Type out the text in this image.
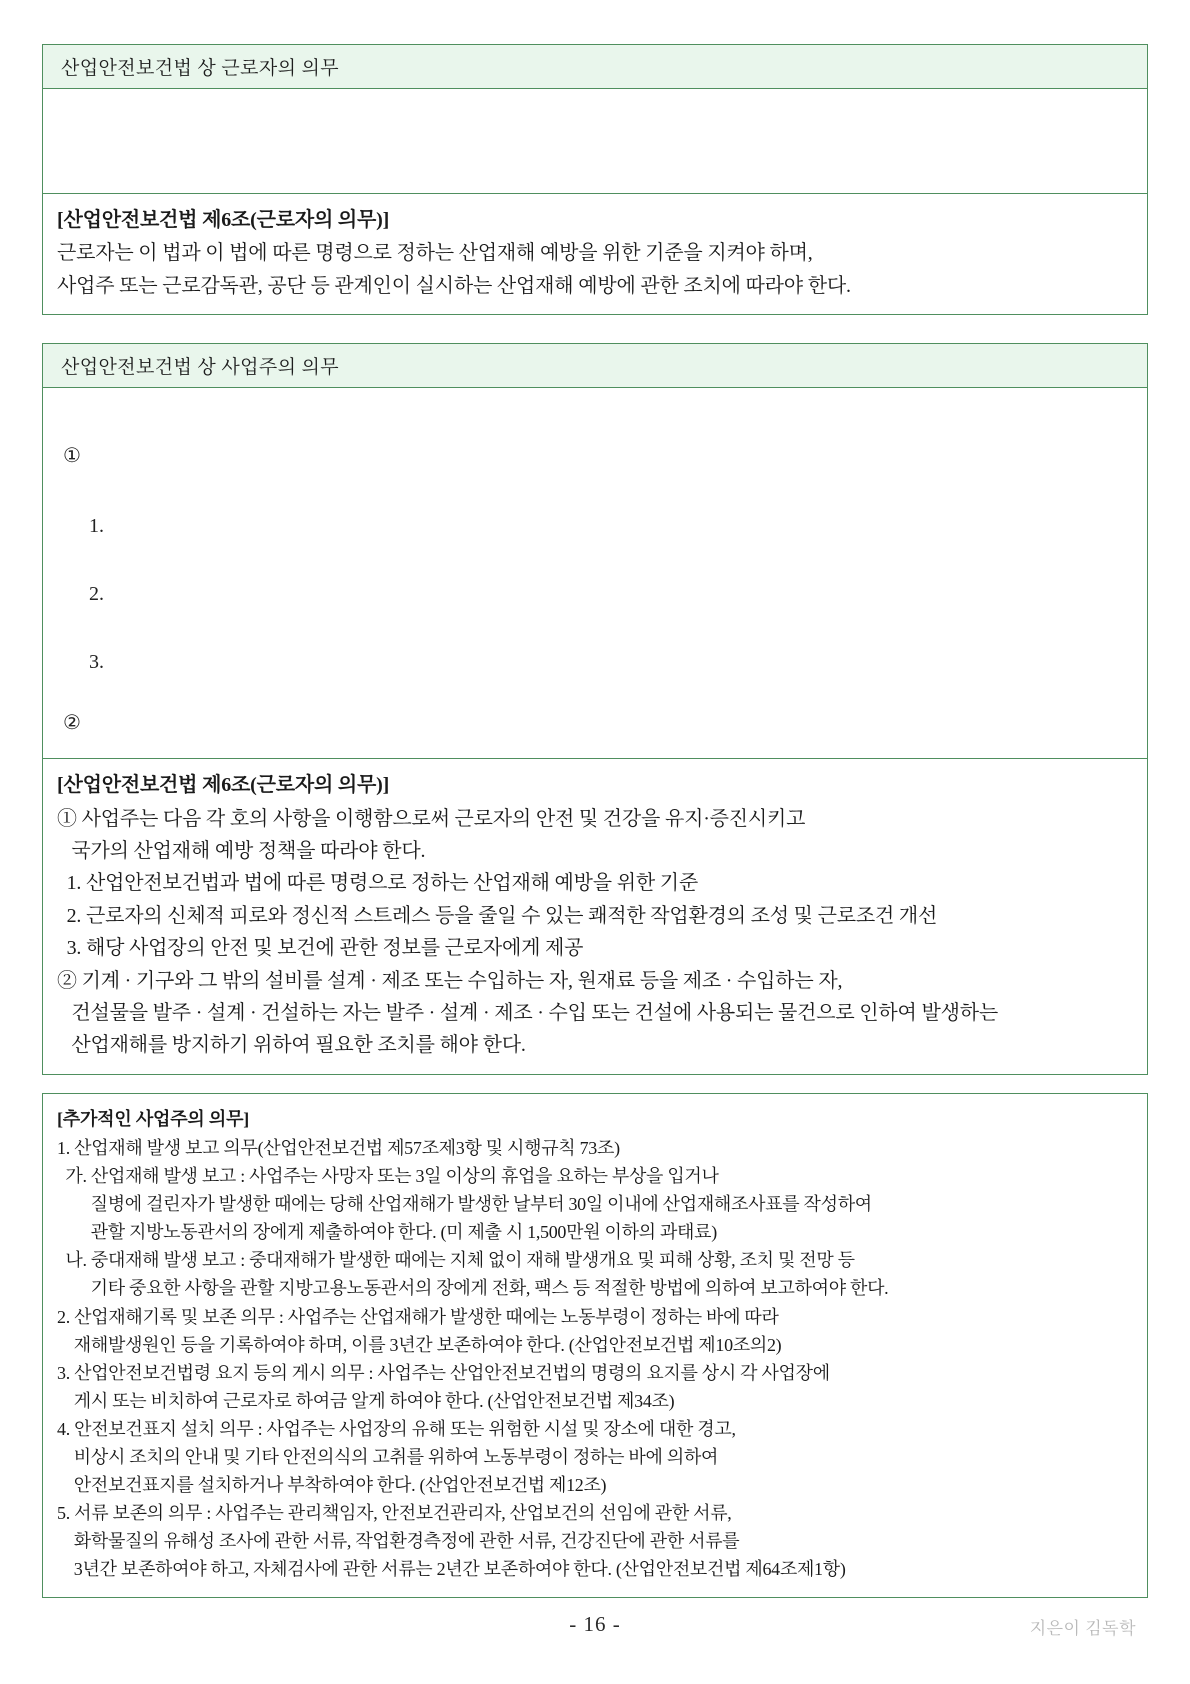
산업안전보건법 상 근로자의 의무
[산업안전보건법 제6조(근로자의 의무)]
근로자는 이 법과 이 법에 따른 명령으로 정하는 산업재해 예방을 위한 기준을 지켜야 하며,
사업주 또는 근로감독관, 공단 등 관계인이 실시하는 산업재해 예방에 관한 조치에 따라야 한다.
산업안전보건법 상 사업주의 의무
①
1.
2.
3.
②
[산업안전보건법 제6조(근로자의 의무)]
① 사업주는 다음 각 호의 사항을 이행함으로써 근로자의 안전 및 건강을 유지·증진시키고
국가의 산업재해 예방 정책을 따라야 한다.
1. 산업안전보건법과 법에 따른 명령으로 정하는 산업재해 예방을 위한 기준
2. 근로자의 신체적 피로와 정신적 스트레스 등을 줄일 수 있는 쾌적한 작업환경의 조성 및 근로조건 개선
3. 해당 사업장의 안전 및 보건에 관한 정보를 근로자에게 제공
② 기계 · 기구와 그 밖의 설비를 설계 · 제조 또는 수입하는 자, 원재료 등을 제조 · 수입하는 자,
건설물을 발주 · 설계 · 건설하는 자는 발주 · 설계 · 제조 · 수입 또는 건설에 사용되는 물건으로 인하여 발생하는
산업재해를 방지하기 위하여 필요한 조치를 해야 한다.
[추가적인 사업주의 의무]
1. 산업재해 발생 보고 의무(산업안전보건법 제57조제3항 및 시행규칙 73조)
가. 산업재해 발생 보고 : 사업주는 사망자 또는 3일 이상의 휴업을 요하는 부상을 입거나
질병에 걸린자가 발생한 때에는 당해 산업재해가 발생한 날부터 30일 이내에 산업재해조사표를 작성하여
관할 지방노동관서의 장에게 제출하여야 한다. (미 제출 시 1,500만원 이하의 과태료)
나. 중대재해 발생 보고 : 중대재해가 발생한 때에는 지체 없이 재해 발생개요 및 피해 상황, 조치 및 전망 등
기타 중요한 사항을 관할 지방고용노동관서의 장에게 전화, 팩스 등 적절한 방법에 의하여 보고하여야 한다.
2. 산업재해기록 및 보존 의무 : 사업주는 산업재해가 발생한 때에는 노동부령이 정하는 바에 따라
재해발생원인 등을 기록하여야 하며, 이를 3년간 보존하여야 한다. (산업안전보건법 제10조의2)
3. 산업안전보건법령 요지 등의 게시 의무 : 사업주는 산업안전보건법의 명령의 요지를 상시 각 사업장에
게시 또는 비치하여 근로자로 하여금 알게 하여야 한다. (산업안전보건법 제34조)
4. 안전보건표지 설치 의무 : 사업주는 사업장의 유해 또는 위험한 시설 및 장소에 대한 경고,
비상시 조치의 안내 및 기타 안전의식의 고취를 위하여 노동부령이 정하는 바에 의하여
안전보건표지를 설치하거나 부착하여야 한다. (산업안전보건법 제12조)
5. 서류 보존의 의무 : 사업주는 관리책임자, 안전보건관리자, 산업보건의 선임에 관한 서류,
화학물질의 유해성 조사에 관한 서류, 작업환경측정에 관한 서류, 건강진단에 관한 서류를
3년간 보존하여야 하고, 자체검사에 관한 서류는 2년간 보존하여야 한다. (산업안전보건법 제64조제1항)
- 16 -	지은이 김독학
